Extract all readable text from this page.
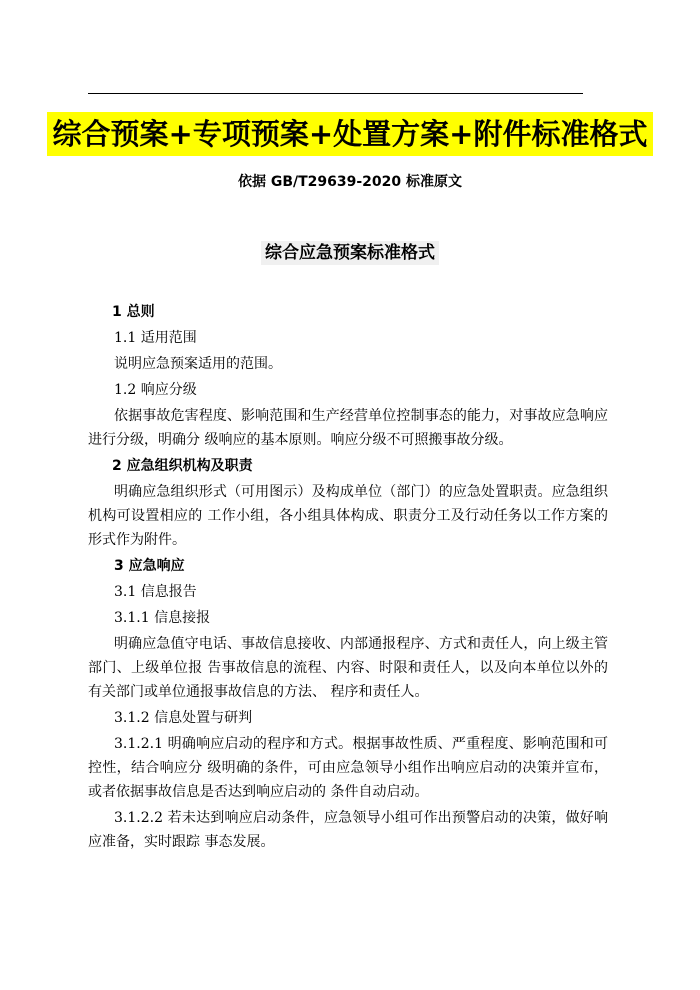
综合预案+专项预案+处置方案+附件标准格式
依据 GB/T29639-2020 标准原文
综合应急预案标准格式

1 总则

1.1 适用范围

说明应急预案适用的范围。

1.2 响应分级

依据事故危害程度、影响范围和生产经营单位控制事态的能力，对事故应急响应进行分级，明确分 级响应的基本原则。响应分级不可照搬事故分级。

2 应急组织机构及职责

明确应急组织形式（可用图示）及构成单位（部门）的应急处置职责。应急组织机构可设置相应的 工作小组，各小组具体构成、职责分工及行动任务以工作方案的形式作为附件。

3 应急响应

3.1 信息报告

3.1.1 信息接报

明确应急值守电话、事故信息接收、内部通报程序、方式和责任人，向上级主管部门、上级单位报 告事故信息的流程、内容、时限和责任人，以及向本单位以外的有关部门或单位通报事故信息的方法、 程序和责任人。

3.1.2 信息处置与研判

3.1.2.1 明确响应启动的程序和方式。根据事故性质、严重程度、影响范围和可控性，结合响应分 级明确的条件，可由应急领导小组作出响应启动的决策并宣布，或者依据事故信息是否达到响应启动的 条件自动启动。

3.1.2.2 若未达到响应启动条件，应急领导小组可作出预警启动的决策，做好响应准备，实时跟踪 事态发展。
